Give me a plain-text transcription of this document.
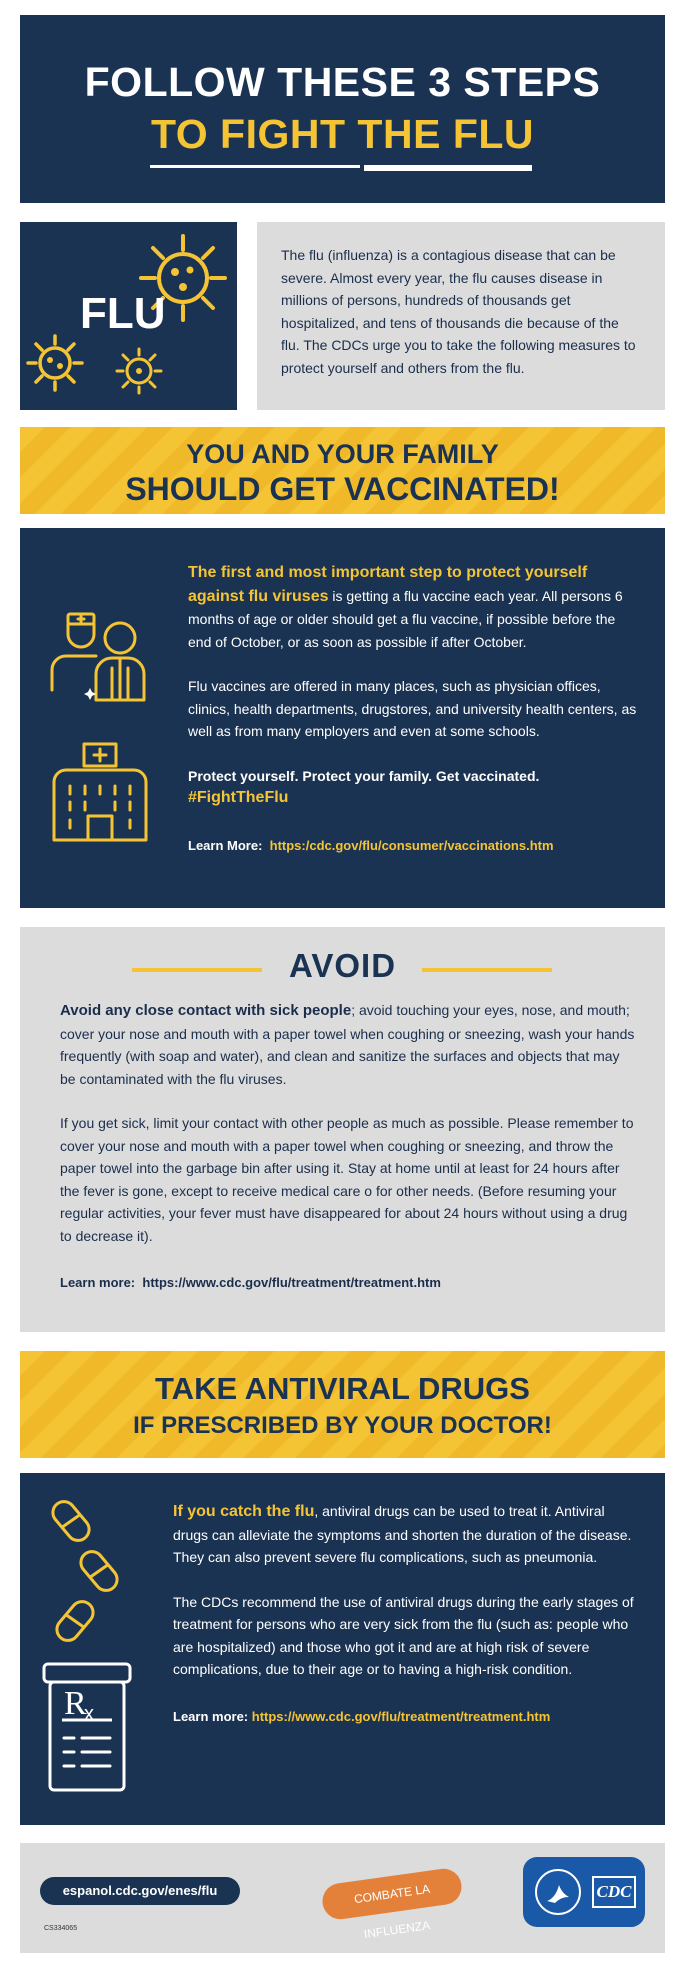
FOLLOW THESE 3 STEPS
TO FIGHT THE FLU
FLU

The flu (influenza) is a contagious disease that can be severe. Almost every year, the flu causes disease in millions of persons, hundreds of thousands get hospitalized, and tens of thousands die because of the flu. The CDCs urge you to take the following measures to protect yourself and others from the flu.

YOU AND YOUR FAMILY
SHOULD GET VACCINATED!

The first and most important step to protect yourself against flu viruses is getting a flu vaccine each year. All persons 6 months of age or older should get a flu vaccine, if possible before the end of October, or as soon as possible if after October.

Flu vaccines are offered in many places, such as physician offices, clinics, health departments, drugstores, and university health centers, as well as from many employers and even at some schools.

Protect yourself. Protect your family. Get vaccinated.

#FightTheFlu

Learn More: https:/cdc.gov/flu/consumer/vaccinations.htm

AVOID

Avoid any close contact with sick people; avoid touching your eyes, nose, and mouth; cover your nose and mouth with a paper towel when coughing or sneezing, wash your hands frequently (with soap and water), and clean and sanitize the surfaces and objects that may be contaminated with the flu viruses.

If you get sick, limit your contact with other people as much as possible. Please remember to cover your nose and mouth with a paper towel when coughing or sneezing, and throw the paper towel into the garbage bin after using it. Stay at home until at least for 24 hours after the fever is gone, except to receive medical care o for other needs. (Before resuming your regular activities, your fever must have disappeared for about 24 hours without using a drug to decrease it).

Learn more: https://www.cdc.gov/flu/treatment/treatment.htm

TAKE ANTIVIRAL DRUGS
IF PRESCRIBED BY YOUR DOCTOR!
R
x

If you catch the flu, antiviral drugs can be used to treat it. Antiviral drugs can alleviate the symptoms and shorten the duration of the disease. They can also prevent severe flu complications, such as pneumonia.

The CDCs recommend the use of antiviral drugs during the early stages of treatment for persons who are very sick from the flu (such as: people who are hospitalized) and those who got it and are at high risk of severe complications, due to their age or to having a high-risk condition.

Learn more: https://www.cdc.gov/flu/treatment/treatment.htm

espanol.cdc.gov/enes/flu
CS334065
COMBATE LA INFLUENZA
CDC
